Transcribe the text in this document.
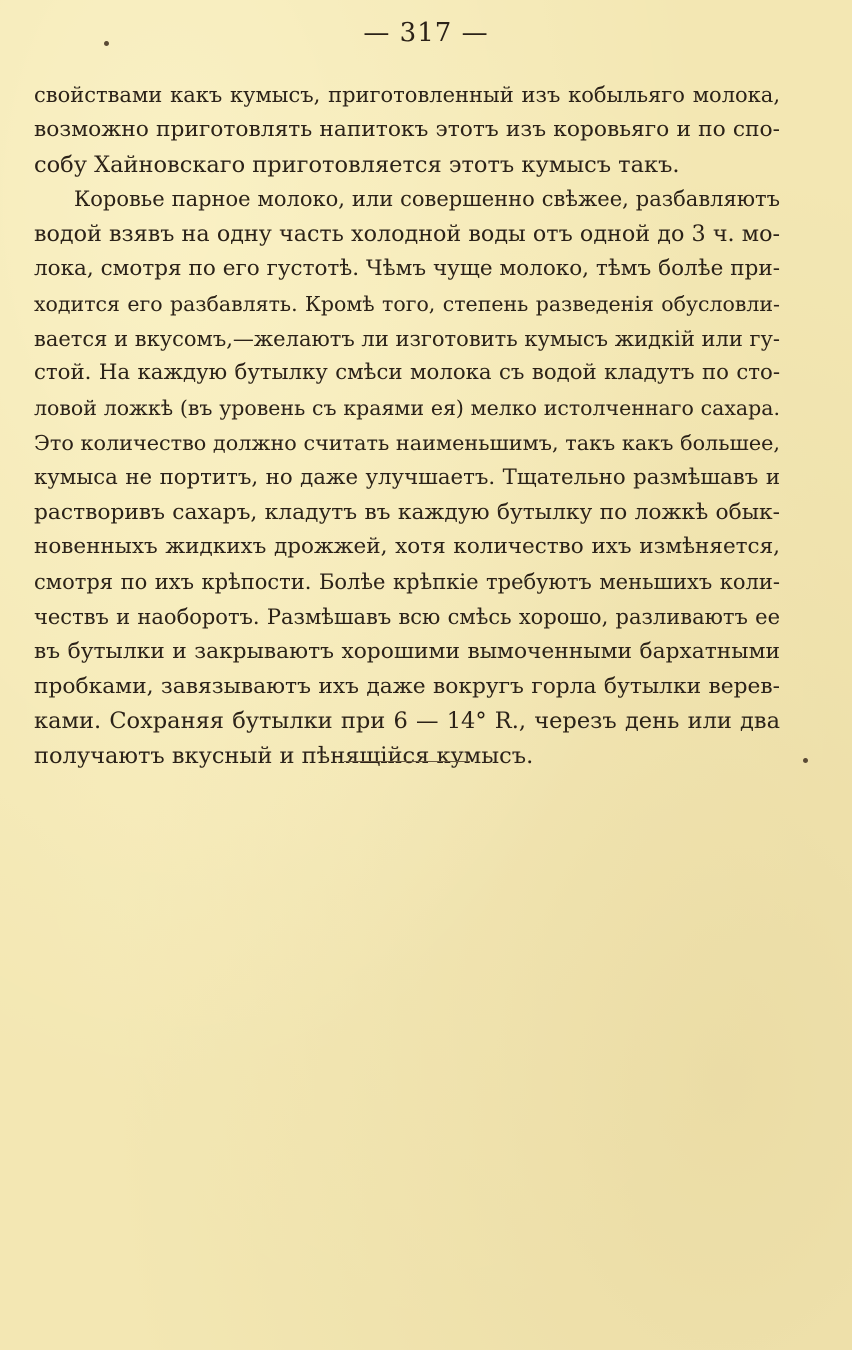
— 317 —
свойствами какъ кумысъ, приготовленный изъ кобыльяго молока,
возможно приготовлять напитокъ этотъ изъ коровьяго и по спо-
собу Хайновскаго приготовляется этотъ кумысъ такъ.
Коровье парное молоко, или совершенно свѣжее, разбавляютъ
водой взявъ на одну часть холодной воды отъ одной до 3 ч. мо-
лока, смотря по его густотѣ. Чѣмъ чуще молоко, тѣмъ болѣе при-
ходится его разбавлять. Кромѣ того, степень разведенія обусловли-
вается и вкусомъ,—желаютъ ли изготовить кумысъ жидкій или гу-
стой. На каждую бутылку смѣси молока съ водой кладутъ по сто-
ловой ложкѣ (въ уровень съ краями ея) мелко истолченнаго сахара.
Это количество должно считать наименьшимъ, такъ какъ большее,
кумыса не портитъ, но даже улучшаетъ. Тщательно размѣшавъ и
растворивъ сахаръ, кладутъ въ каждую бутылку по ложкѣ обык-
новенныхъ жидкихъ дрожжей, хотя количество ихъ измѣняется,
смотря по ихъ крѣпости. Болѣе крѣпкіе требуютъ меньшихъ коли-
чествъ и наоборотъ. Размѣшавъ всю смѣсь хорошо, разливаютъ ее
въ бутылки и закрываютъ хорошими вымоченными бархатными
пробками, завязываютъ ихъ даже вокругъ горла бутылки верев-
ками. Сохраняя бутылки при 6 — 14° R., черезъ день или два
получаютъ вкусный и пѣнящійся кумысъ.
